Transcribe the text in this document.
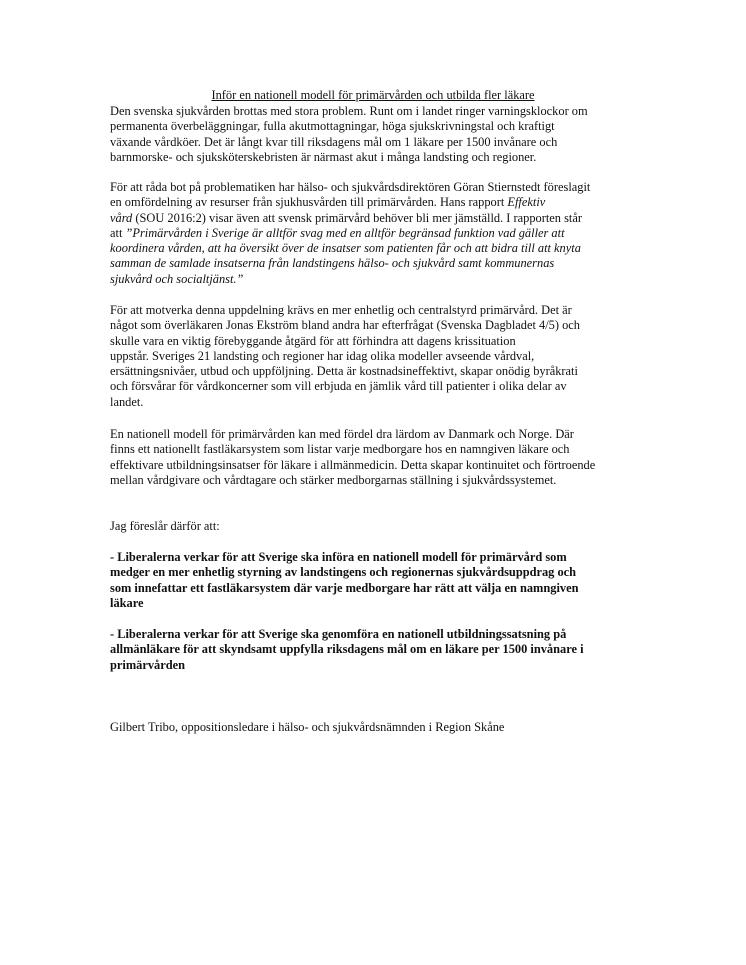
Inför en nationell modell för primärvården och utbilda fler läkare
Den svenska sjukvården brottas med stora problem. Runt om i landet ringer varningsklockor om
permanenta överbeläggningar, fulla akutmottagningar, höga sjukskrivningstal och kraftigt
växande vårdköer. Det är långt kvar till riksdagens mål om 1 läkare per 1500 invånare och
barnmorske- och sjuksköterskebristen är närmast akut i många landsting och regioner.
För att råda bot på problematiken har hälso- och sjukvårdsdirektören Göran Stiernstedt föreslagit
en omfördelning av resurser från sjukhusvården till primärvården. Hans rapport Effektiv
vård (SOU 2016:2) visar även att svensk primärvård behöver bli mer jämställd. I rapporten står
att ”Primärvården i Sverige är alltför svag med en alltför begränsad funktion vad gäller att
koordinera vården, att ha översikt över de insatser som patienten får och att bidra till att knyta
samman de samlade insatserna från landstingens hälso- och sjukvård samt kommunernas
sjukvård och socialtjänst.”
För att motverka denna uppdelning krävs en mer enhetlig och centralstyrd primärvård. Det är
något som överläkaren Jonas Ekström bland andra har efterfrågat (Svenska Dagbladet 4/5) och
skulle vara en viktig förebyggande åtgärd för att förhindra att dagens krissituation
uppstår. Sveriges 21 landsting och regioner har idag olika modeller avseende vårdval,
ersättningsnivåer, utbud och uppföljning. Detta är kostnadsineffektivt, skapar onödig byråkrati
och försvårar för vårdkoncerner som vill erbjuda en jämlik vård till patienter i olika delar av
landet.
En nationell modell för primärvården kan med fördel dra lärdom av Danmark och Norge. Där
finns ett nationellt fastläkarsystem som listar varje medborgare hos en namngiven läkare och
effektivare utbildningsinsatser för läkare i allmänmedicin. Detta skapar kontinuitet och förtroende
mellan vårdgivare och vårdtagare och stärker medborgarnas ställning i sjukvårdssystemet.
Jag föreslår därför att:
- Liberalerna verkar för att Sverige ska införa en nationell modell för primärvård som
medger en mer enhetlig styrning av landstingens och regionernas sjukvårdsuppdrag och
som innefattar ett fastläkarsystem där varje medborgare har rätt att välja en namngiven
läkare
- Liberalerna verkar för att Sverige ska genomföra en nationell utbildningssatsning på
allmänläkare för att skyndsamt uppfylla riksdagens mål om en läkare per 1500 invånare i
primärvården
Gilbert Tribo, oppositionsledare i hälso- och sjukvårdsnämnden i Region Skåne
